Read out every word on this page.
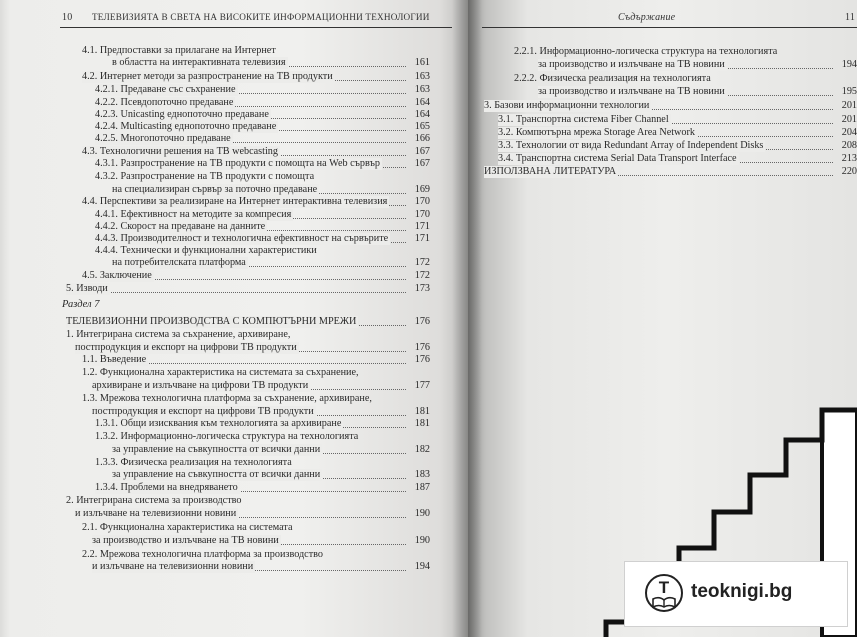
10 ТЕЛЕВИЗИЯТА В СВЕТА НА ВИСОКИТЕ ИНФОРМАЦИОННИ ТЕХНОЛОГИИ
4.1. Предпоставки за прилагане на Интернет
в областта на интерактивната телевизия	161
4.2. Интернет методи за разпространение на ТВ продукти	163
4.2.1. Предаване със съхранение	163
4.2.2. Псевдопоточно предаване	164
4.2.3. Unicasting еднопоточно предаване	164
4.2.4. Multicasting еднопоточно предаване	165
4.2.5. Многопоточно предаване	166
4.3. Технологични решения на ТВ webcasting	167
4.3.1. Разпространение на ТВ продукти с помощта на Web сървър	167
4.3.2. Разпространение на ТВ продукти с помощта
на специализиран сървър за поточно предаване	169
4.4. Перспективи за реализиране на Интернет интерактивна телевизия	170
4.4.1. Ефективност на методите за компресия	170
4.4.2. Скорост на предаване на данните	171
4.4.3. Производителност и технологична ефективност на сървърите	171
4.4.4. Технически и функционални характеристики
на потребителската платформа	172
4.5. Заключение	172
5. Изводи	173
ТЕЛЕВИЗИОННИ ПРОИЗВОДСТВА С КОМПЮТЪРНИ МРЕЖИ	176
1. Интегрирана система за съхранение, архивиране,
постпродукция и експорт на цифрови ТВ продукти	176
1.1. Въведение	176
1.2. Функционална характеристика на системата за съхранение,
архивиране и излъчване на цифрови ТВ продукти	177
1.3. Мрежова технологична платформа за съхранение, архивиране,
постпродукция и експорт на цифрови ТВ продукти	181
1.3.1. Общи изисквания към технологията за архивиране	181
1.3.2. Информационно-логическа структура на технологията
за управление на съвкупността от всички данни	182
1.3.3. Физическа реализация на технологията
за управление на съвкупността от всички данни	183
1.3.4. Проблеми на внедряването	187
2. Интегрирана система за производство
и излъчване на телевизионни новини	190
2.1. Функционална характеристика на системата
за производство и излъчване на ТВ новини	190
2.2. Мрежова технологична платформа за производство
и излъчване на телевизионни новини	194
Раздел 7
Съдържание	11
2.2.1. Информационно-логическа структура на технологията
за производство и излъчване на ТВ новини	194
2.2.2. Физическа реализация на технологията
за производство и излъчване на ТВ новини	195
3. Базови информационни технологии	201
3.1. Транспортна система Fiber Channel	201
3.2. Компютърна мрежа Storage Area Network	204
3.3. Технологии от вида Redundant Array of Independent Disks	208
3.4. Транспортна система Serial Data Transport Interface	213
ИЗПОЛЗВАНА ЛИТЕРАТУРА	220
T	teoknigi.bg
